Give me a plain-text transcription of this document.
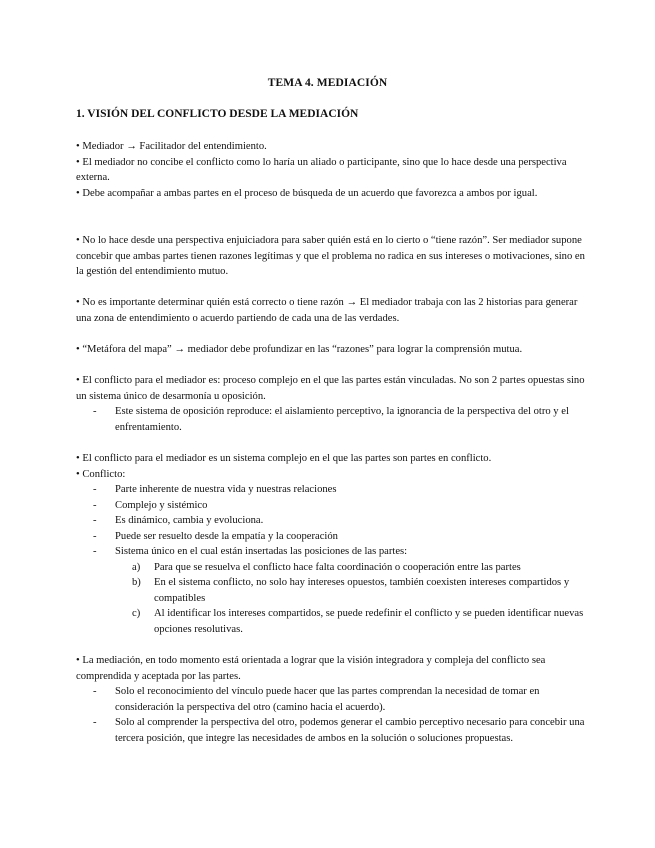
TEMA 4. MEDIACIÓN
1. VISIÓN DEL CONFLICTO DESDE LA MEDIACIÓN

• Mediador → Facilitador del entendimiento.

• El mediador no concibe el conflicto como lo haría un aliado o participante, sino que lo hace desde una perspectiva externa.

• Debe acompañar a ambas partes en el proceso de búsqueda de un acuerdo que favorezca a ambos por igual.

• No lo hace desde una perspectiva enjuiciadora para saber quién está en lo cierto o “tiene razón”. Ser mediador supone concebir que ambas partes tienen razones legítimas y que el problema no radica en sus intereses o motivaciones, sino en la gestión del entendimiento mutuo.

• No es importante determinar quién está correcto o tiene razón → El mediador trabaja con las 2 historias para generar una zona de entendimiento o acuerdo partiendo de cada una de las verdades.

• “Metáfora del mapa” → mediador debe profundizar en las “razones” para lograr la comprensión mutua.

• El conflicto para el mediador es: proceso complejo en el que las partes están vinculadas. No son 2 partes opuestas sino un sistema único de desarmonía u oposición.

- Este sistema de oposición reproduce: el aislamiento perceptivo, la ignorancia de la perspectiva del otro y el enfrentamiento.

• El conflicto para el mediador es un sistema complejo en el que las partes son partes en conflicto.

• Conflicto:

- Parte inherente de nuestra vida y nuestras relaciones

- Complejo y sistémico

- Es dinámico, cambia y evoluciona.

- Puede ser resuelto desde la empatía y la cooperación

- Sistema único en el cual están insertadas las posiciones de las partes:

a) Para que se resuelva el conflicto hace falta coordinación o cooperación entre las partes

b) En el sistema conflicto, no solo hay intereses opuestos, también coexisten intereses compartidos y compatibles

c) Al identificar los intereses compartidos, se puede redefinir el conflicto y se pueden identificar nuevas opciones resolutivas.

• La mediación, en todo momento está orientada a lograr que la visión integradora y compleja del conflicto sea comprendida y aceptada por las partes.

- Solo el reconocimiento del vínculo puede hacer que las partes comprendan la necesidad de tomar en consideración la perspectiva del otro (camino hacia el acuerdo).

- Solo al comprender la perspectiva del otro, podemos generar el cambio perceptivo necesario para concebir una tercera posición, que integre las necesidades de ambos en la solución o soluciones propuestas.
